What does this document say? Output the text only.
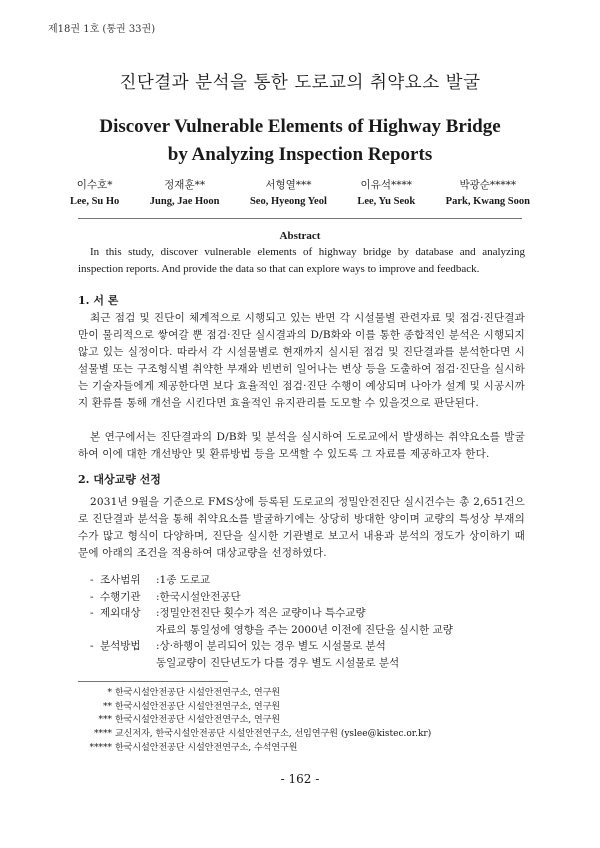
제18권 1호 (통권 33권)
진단결과 분석을 통한 도로교의 취약요소 발굴
Discover Vulnerable Elements of Highway Bridge
by Analyzing Inspection Reports
이수호*
Lee, Su Ho
정재훈**
Jung, Jae Hoon
서형열***
Seo, Hyeong Yeol
이유석****
Lee, Yu Seok
박광순*****
Park, Kwang Soon
Abstract
In this study, discover vulnerable elements of highway bridge by database and analyzing inspection reports. And provide the data so that can explore ways to improve and feedback.
1. 서 론
최근 점검 및 진단이 체계적으로 시행되고 있는 반면 각 시설물별 관련자료 및 점검·진단결과만이 물리적으로 쌓여갈 뿐 점검·진단 실시결과의 D/B화와 이를 통한 종합적인 분석은 시행되지 않고 있는 실정이다. 따라서 각 시설물별로 현재까지 실시된 점검 및 진단결과를 분석한다면 시설물별 또는 구조형식별 취약한 부재와 빈번히 일어나는 변상 등을 도출하여 점검·진단을 실시하는 기술자들에게 제공한다면 보다 효율적인 점검·진단 수행이 예상되며 나아가 설계 및 시공시까지 환류를 통해 개선을 시킨다면 효율적인 유지관리를 도모할 수 있을것으로 판단된다.
본 연구에서는 진단결과의 D/B화 및 분석을 실시하여 도로교에서 발생하는 취약요소를 발굴하여 이에 대한 개선방안 및 환류방법 등을 모색할 수 있도록 그 자료를 제공하고자 한다.
2. 대상교량 선정
2031년 9월을 기준으로 FMS상에 등록된 도로교의 정밀안전진단 실시건수는 총 2,651건으로 진단결과 분석을 통해 취약요소를 발굴하기에는 상당히 방대한 양이며 교량의 특성상 부재의 수가 많고 형식이 다양하며, 진단을 실시한 기관별로 보고서 내용과 분석의 정도가 상이하기 때문에 아래의 조건을 적용하여 대상교량을 선정하였다.
- 조사범위	: 1종 도로교
- 수행기관	: 한국시설안전공단
- 제외대상	: 정밀안전진단 횟수가 적은 교량이나 특수교량
자료의 통일성에 영향을 주는 2000년 이전에 진단을 실시한 교량
- 분석방법	: 상·하행이 분리되어 있는 경우 별도 시설물로 분석
동일교량이 진단년도가 다를 경우 별도 시설물로 분석
* 한국시설안전공단 시설안전연구소, 연구원
** 한국시설안전공단 시설안전연구소, 연구원
*** 한국시설안전공단 시설안전연구소, 연구원
**** 교신저자, 한국시설안전공단 시설안전연구소, 선임연구원 (yslee@kistec.or.kr)
***** 한국시설안전공단 시설안전연구소, 수석연구원
- 162 -
